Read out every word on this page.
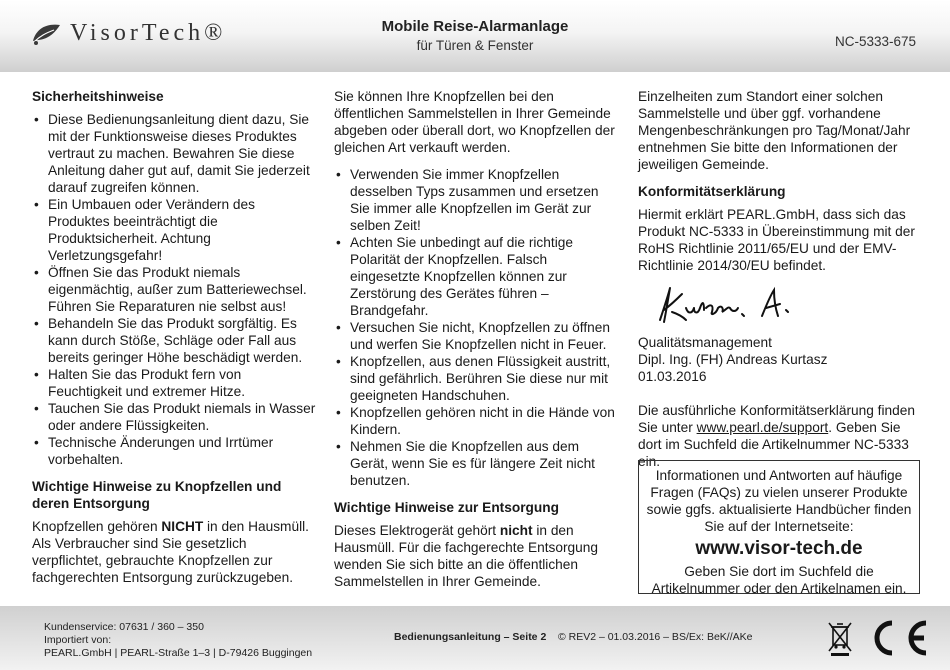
VisorTech®	Mobile Reise-Alarmanlage
für Türen & Fenster	NC-5333-675
Sicherheitshinweise
• Diese Bedienungsanleitung dient dazu, Sie mit der Funktionsweise dieses Produktes vertraut zu machen. Bewahren Sie diese Anleitung daher gut auf, damit Sie jederzeit darauf zugreifen können.
• Ein Umbauen oder Verändern des Produktes beeinträchtigt die Produktsicherheit. Achtung Verletzungsgefahr!
• Öffnen Sie das Produkt niemals eigenmächtig, außer zum Batteriewechsel. Führen Sie Reparaturen nie selbst aus!
• Behandeln Sie das Produkt sorgfältig. Es kann durch Stöße, Schläge oder Fall aus bereits geringer Höhe beschädigt werden.
• Halten Sie das Produkt fern von Feuchtigkeit und extremer Hitze.
• Tauchen Sie das Produkt niemals in Wasser oder andere Flüssigkeiten.
• Technische Änderungen und Irrtümer vorbehalten.
Wichtige Hinweise zu Knopfzellen und deren Entsorgung

Knopfzellen gehören NICHT in den Hausmüll. Als Verbraucher sind Sie gesetzlich verpflichtet, gebrauchte Knopfzellen zur fachgerechten Entsorgung zurückzugeben.

Sie können Ihre Knopfzellen bei den öffentlichen Sammelstellen in Ihrer Gemeinde abgeben oder überall dort, wo Knopfzellen der gleichen Art verkauft werden.

• Verwenden Sie immer Knopfzellen desselben Typs zusammen und ersetzen Sie immer alle Knopfzellen im Gerät zur selben Zeit!
• Achten Sie unbedingt auf die richtige Polarität der Knopfzellen. Falsch eingesetzte Knopfzellen können zur Zerstörung des Gerätes führen – Brandgefahr.
• Versuchen Sie nicht, Knopfzellen zu öffnen und werfen Sie Knopfzellen nicht in Feuer.
• Knopfzellen, aus denen Flüssigkeit austritt, sind gefährlich. Berühren Sie diese nur mit geeigneten Handschuhen.
• Knopfzellen gehören nicht in die Hände von Kindern.
• Nehmen Sie die Knopfzellen aus dem Gerät, wenn Sie es für längere Zeit nicht benutzen.
Wichtige Hinweise zur Entsorgung

Dieses Elektrogerät gehört nicht in den Hausmüll. Für die fachgerechte Entsorgung wenden Sie sich bitte an die öffentlichen Sammelstellen in Ihrer Gemeinde.

Einzelheiten zum Standort einer solchen Sammelstelle und über ggf. vorhandene Mengenbeschränkungen pro Tag/Monat/Jahr entnehmen Sie bitte den Informationen der jeweiligen Gemeinde.

Konformitätserklärung

Hiermit erklärt PEARL.GmbH, dass sich das Produkt NC-5333 in Übereinstimmung mit der RoHS Richtlinie 2011/65/EU und der EMV-Richtlinie 2014/30/EU befindet.

Qualitätsmanagement
Dipl. Ing. (FH) Andreas Kurtasz
01.03.2016

Die ausführliche Konformitätserklärung finden Sie unter www.pearl.de/support. Geben Sie dort im Suchfeld die Artikelnummer NC-5333 ein.

Informationen und Antworten auf häufige Fragen (FAQs) zu vielen unserer Produkte sowie ggfs. aktualisierte Handbücher finden Sie auf der Internetseite:
www.visor-tech.de
Geben Sie dort im Suchfeld die Artikelnummer oder den Artikelnamen ein.
Kundenservice: 07631 / 360 – 350
Importiert von:
PEARL.GmbH | PEARL-Straße 1–3 | D-79426 Buggingen
Bedienungsanleitung – Seite 2 © REV2 – 01.03.2016 – BS/Ex: BeK//AKe
